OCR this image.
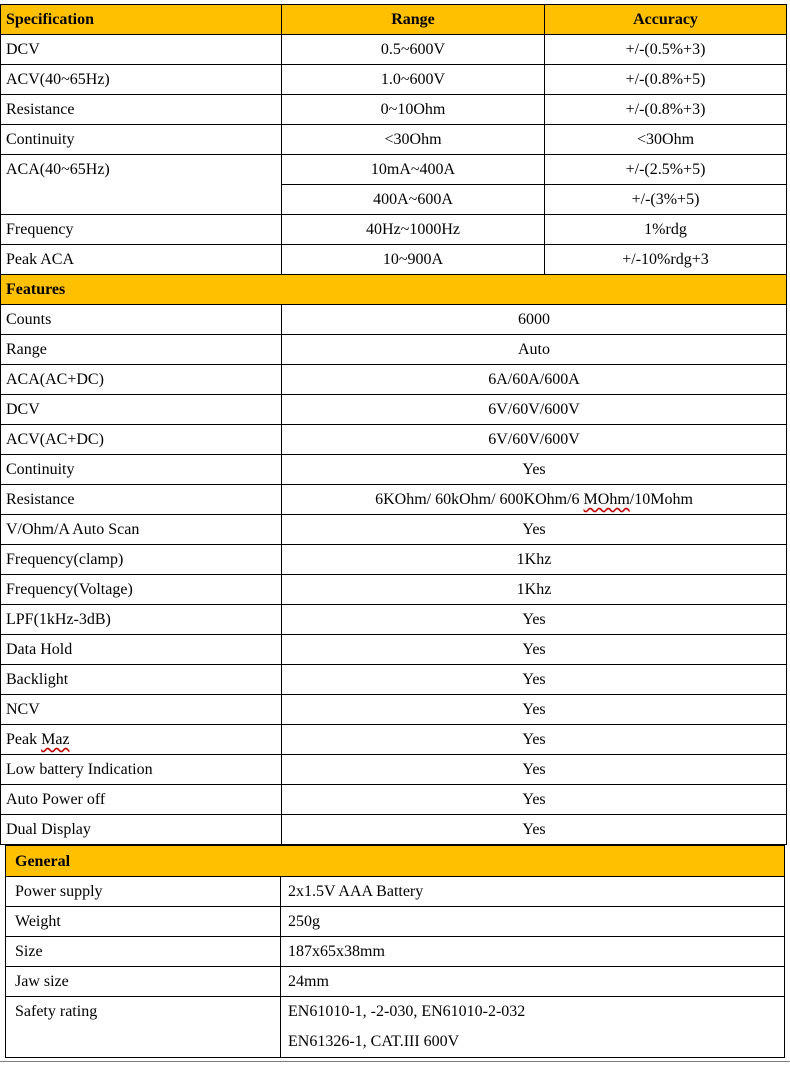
Specification	Range	Accuracy
DCV	0.5~600V	+/-(0.5%+3)
ACV(40~65Hz)	1.0~600V	+/-(0.8%+5)
Resistance	0~10Ohm	+/-(0.8%+3)
Continuity	<30Ohm	<30Ohm
ACA(40~65Hz)	10mA~400A	+/-(2.5%+5)
	400A~600A	+/-(3%+5)
Frequency	40Hz~1000Hz	1%rdg
Peak ACA	10~900A	+/-10%rdg+3
Features		
Counts	6000	
Range	Auto	
ACA(AC+DC)	6A/60A/600A	
DCV	6V/60V/600V	
ACV(AC+DC)	6V/60V/600V	
Continuity	Yes	
Resistance	6KOhm/ 60kOhm/ 600KOhm/6 MOhm/10Mohm	
V/Ohm/A Auto Scan	Yes	
Frequency(clamp)	1Khz	
Frequency(Voltage)	1Khz	
LPF(1kHz-3dB)	Yes	
Data Hold	Yes	
Backlight	Yes	
NCV	Yes	
Peak Maz	Yes	
Low battery Indication	Yes	
Auto Power off	Yes	
Dual Display	Yes	
General	
Power supply	2x1.5V AAA Battery
Weight	250g
Size	187x65x38mm
Jaw size	24mm
Safety rating	EN61010-1, -2-030, EN61010-2-032
EN61326-1, CAT.III 600V
